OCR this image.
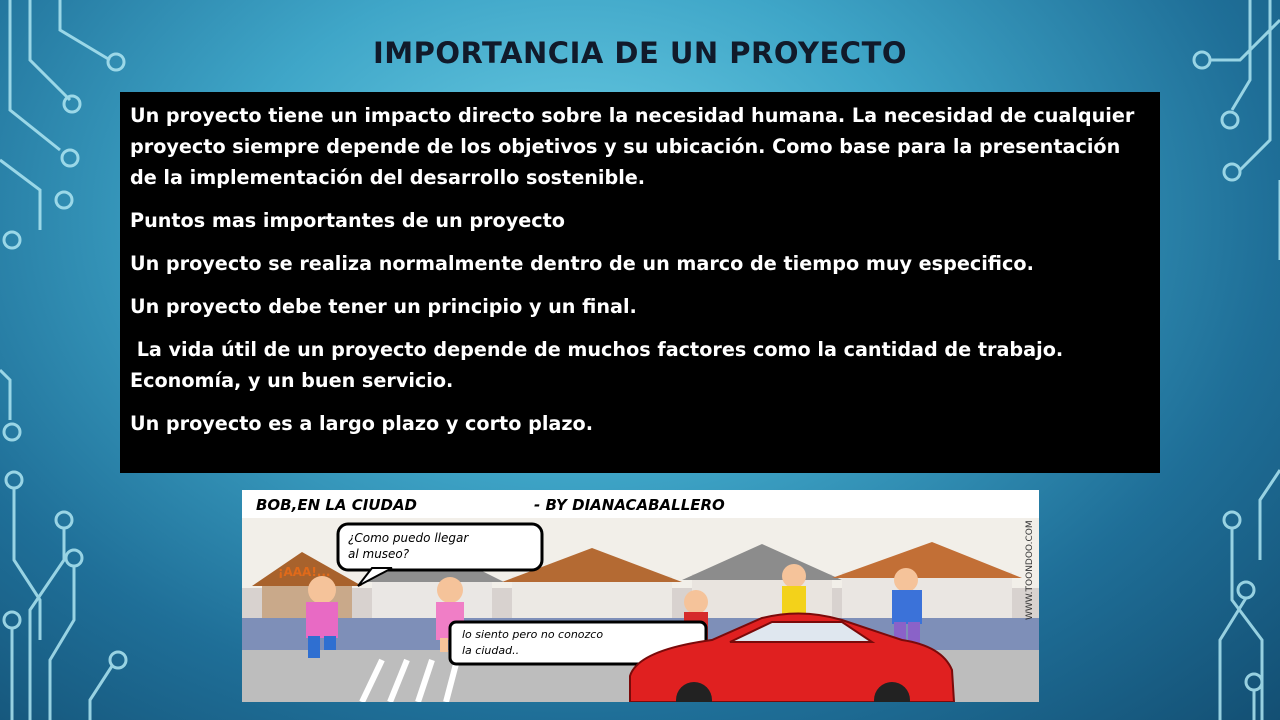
IMPORTANCIA DE UN PROYECTO

Un proyecto tiene un impacto directo sobre la necesidad humana. La necesidad de cualquier proyecto siempre depende de los objetivos y su ubicación. Como base para la presentación de la implementación del desarrollo sostenible.

Puntos mas importantes de un proyecto

Un proyecto se realiza normalmente dentro de un marco de tiempo muy especifico.

Un proyecto debe tener un principio y un final.

La vida útil de un proyecto depende de muchos factores como la cantidad de trabajo. Economía, y un buen servicio.

Un proyecto es a largo plazo y corto plazo.

BOB,EN LA CIUDAD	- BY DIANACABALLERO
¿Como puedo llegar
al museo?
¡AAA!...
lo siento pero no conozco
la ciudad..
WWW.TOONDOO.COM
